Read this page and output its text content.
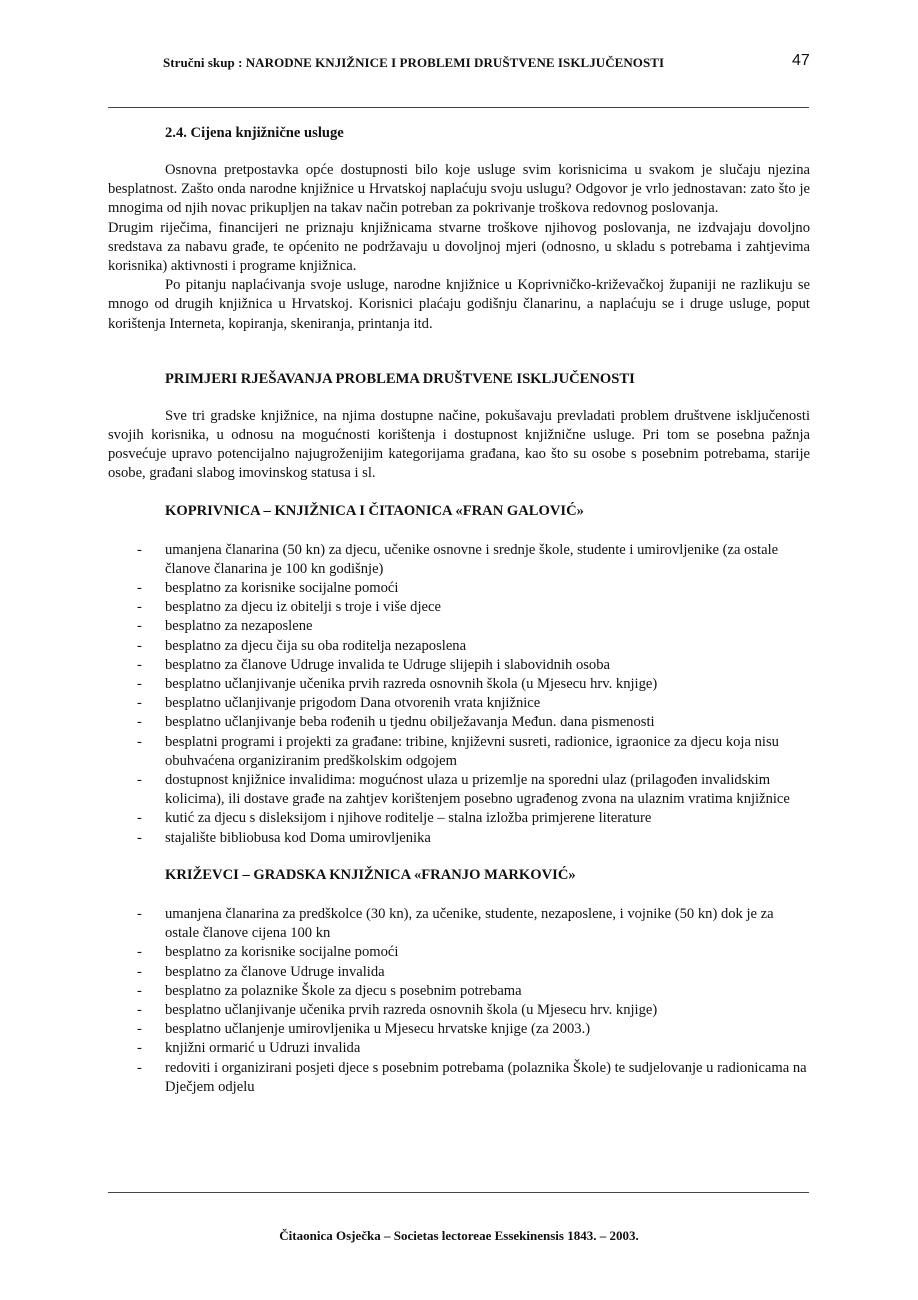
Stručni skup : NARODNE KNJIŽNICE I PROBLEMI DRUŠTVENE ISKLJUČENOSTI	47
2.4. Cijena knjižnične usluge

Osnovna pretpostavka opće dostupnosti bilo koje usluge svim korisnicima u svakom je slučaju njezina besplatnost. Zašto onda narodne knjižnice u Hrvatskoj naplaćuju svoju uslugu? Odgovor je vrlo jednostavan: zato što je mnogima od njih novac prikupljen na takav način potreban za pokrivanje troškova redovnog poslovanja.

Drugim riječima, financijeri ne priznaju knjižnicama stvarne troškove njihovog poslovanja, ne izdvajaju dovoljno sredstava za nabavu građe, te općenito ne podržavaju u dovoljnoj mjeri (odnosno, u skladu s potrebama i zahtjevima korisnika) aktivnosti i programe knjižnica.

Po pitanju naplaćivanja svoje usluge, narodne knjižnice u Koprivničko-križevačkoj županiji ne razlikuju se mnogo od drugih knjižnica u Hrvatskoj. Korisnici plaćaju godišnju članarinu, a naplaćuju se i druge usluge, poput korištenja Interneta, kopiranja, skeniranja, printanja itd.

PRIMJERI RJEŠAVANJA PROBLEMA DRUŠTVENE ISKLJUČENOSTI

Sve tri gradske knjižnice, na njima dostupne načine, pokušavaju prevladati problem društvene isključenosti svojih korisnika, u odnosu na mogućnosti korištenja i dostupnost knjižnične usluge. Pri tom se posebna pažnja posvećuje upravo potencijalno najugroženijim kategorijama građana, kao što su osobe s posebnim potrebama, starije osobe, građani slabog imovinskog statusa i sl.

KOPRIVNICA – KNJIŽNICA I ČITAONICA «FRAN GALOVIĆ»
- umanjena članarina (50 kn) za djecu, učenike osnovne i srednje škole, studente i umirovljenike (za ostale članove članarina je 100 kn godišnje)
- besplatno za korisnike socijalne pomoći
- besplatno za djecu iz obitelji s troje i više djece
- besplatno za nezaposlene
- besplatno za djecu čija su oba roditelja nezaposlena
- besplatno za članove Udruge invalida te Udruge slijepih i slabovidnih osoba
- besplatno učlanjivanje učenika prvih razreda osnovnih škola (u Mjesecu hrv. knjige)
- besplatno učlanjivanje prigodom Dana otvorenih vrata knjižnice
- besplatno učlanjivanje beba rođenih u tjednu obilježavanja Međun. dana pismenosti
- besplatni programi i projekti za građane: tribine, književni susreti, radionice, igraonice za djecu koja nisu obuhvaćena organiziranim predškolskim odgojem
- dostupnost knjižnice invalidima: mogućnost ulaza u prizemlje na sporedni ulaz (prilagođen invalidskim kolicima), ili dostave građe na zahtjev korištenjem posebno ugrađenog zvona na ulaznim vratima knjižnice
- kutić za djecu s disleksijom i njihove roditelje – stalna izložba primjerene literature
- stajalište bibliobusa kod Doma umirovljenika
KRIŽEVCI – GRADSKA KNJIŽNICA «FRANJO MARKOVIĆ»
- umanjena članarina za predškolce (30 kn), za učenike, studente, nezaposlene, i vojnike (50 kn) dok je za ostale članove cijena 100 kn
- besplatno za korisnike socijalne pomoći
- besplatno za članove Udruge invalida
- besplatno za polaznike Škole za djecu s posebnim potrebama
- besplatno učlanjivanje učenika prvih razreda osnovnih škola (u Mjesecu hrv. knjige)
- besplatno učlanjenje umirovljenika u Mjesecu hrvatske knjige (za 2003.)
- knjižni ormarić u Udruzi invalida
- redoviti i organizirani posjeti djece s posebnim potrebama (polaznika Škole) te sudjelovanje u radionicama na Dječjem odjelu
Čitaonica Osječka – Societas lectoreae Essekinensis 1843. – 2003.
